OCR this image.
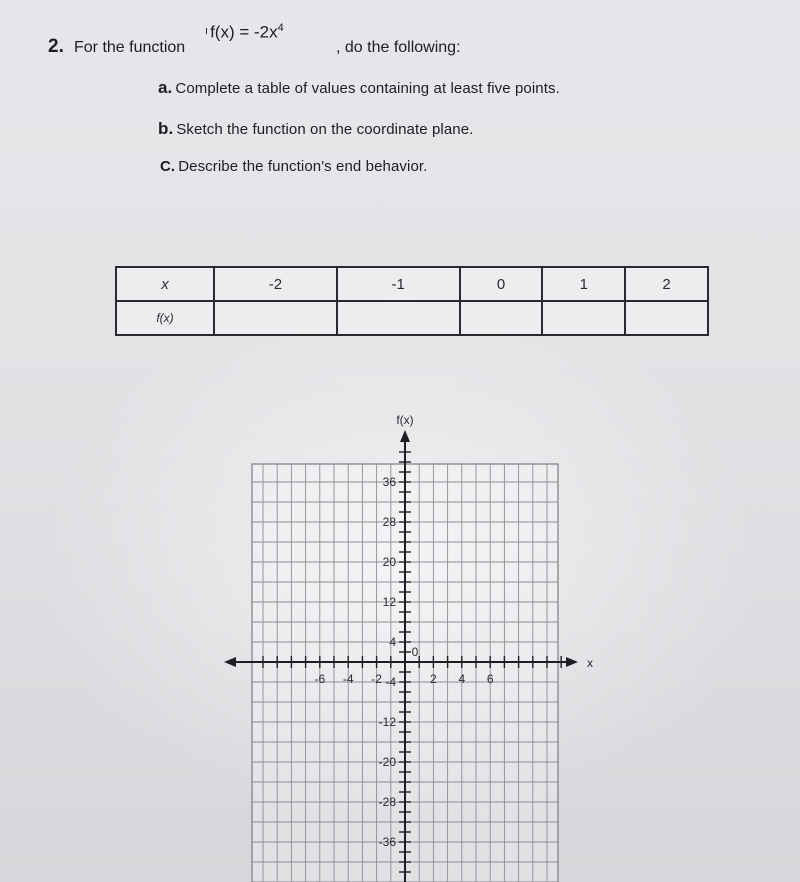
2. For the function
$^ı$ $f(x) = -2x^4$
, do the following:
a. Complete a table of values containing at least five points.
b. Sketch the function on the coordinate plane.
C. Describe the function's end behavior.
x	-2	-1	0	1	2
f(x)					
-6 -4 -2	2 4 6
36
28
20
12
4
-4
-12
-20
-28
-36
0
f(x)
x
